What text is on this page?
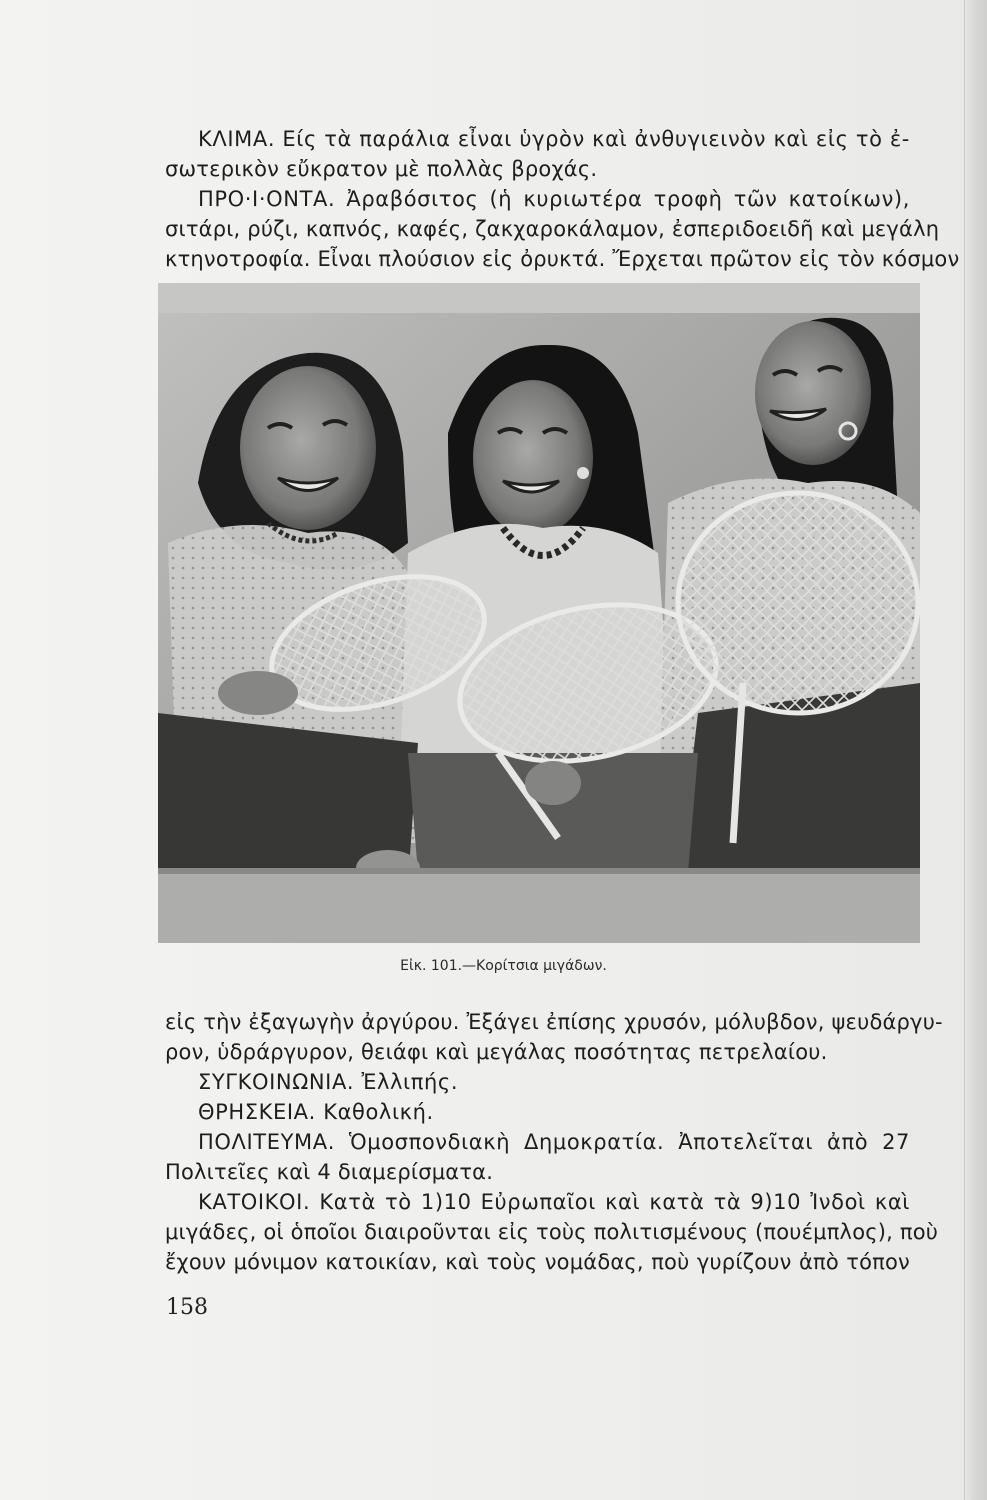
ΚΛΙΜΑ. Είς τὰ παράλια εἶναι ὑγρὸν καὶ ἀνθυγιεινὸν καὶ εἰς τὸ ἐ-
σωτερικὸν εὔκρατον μὲ πολλὰς βροχάς.
ΠΡΟ·Ι·ΟΝΤΑ. Ἀραβόσιτος (ἡ κυριωτέρα τροφὴ τῶν κατοίκων),
σιτάρι, ρύζι, καπνός, καφές, ζακχαροκάλαμον, ἐσπεριδοειδῆ καὶ μεγάλη
κτηνοτροφία. Εἶναι πλούσιον εἰς ὀρυκτά. Ἔρχεται πρῶτον εἰς τὸν κόσμον
Εἰκ. 101.—Κορίτσια μιγάδων.
εἰς τὴν ἐξαγωγὴν ἀργύρου. Ἐξάγει ἐπίσης χρυσόν, μόλυβδον, ψευδάργυ-
ρον, ὑδράργυρον, θειάφι καὶ μεγάλας ποσότητας πετρελαίου.
ΣΥΓΚΟΙΝΩΝΙΑ. Ἐλλιπής.
ΘΡΗΣΚΕΙΑ. Καθολική.
ΠΟΛΙΤΕΥΜΑ. Ὁμοσπονδιακὴ Δημοκρατία. Ἀποτελεῖται ἀπὸ 27
Πολιτεῖες καὶ 4 διαμερίσματα.
ΚΑΤΟΙΚΟΙ. Κατὰ τὸ 1)10 Εὐρωπαῖοι καὶ κατὰ τὰ 9)10 Ἰνδοὶ καὶ
μιγάδες, οἱ ὁποῖοι διαιροῦνται εἰς τοὺς πολιτισμένους (πουέμπλος), ποὺ
ἔχουν μόνιμον κατοικίαν, καὶ τοὺς νομάδας, ποὺ γυρίζουν ἀπὸ τόπον
158
